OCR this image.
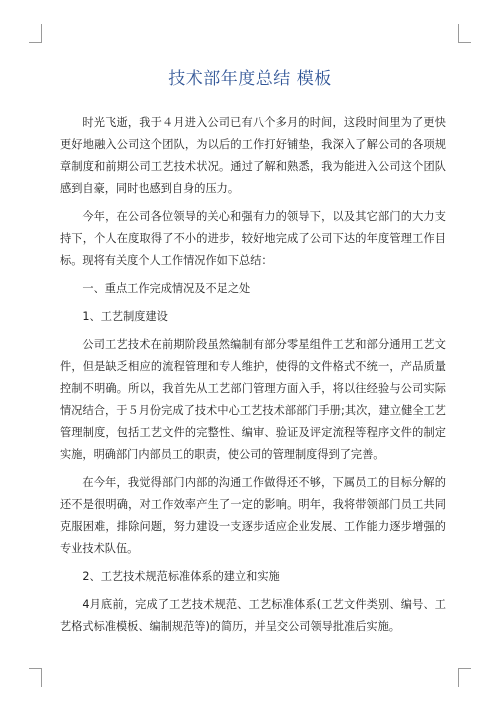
技术部年度总结 模板

时光飞逝，我于４月进入公司已有八个多月的时间，这段时间里为了更快更好地融入公司这个团队，为以后的工作打好铺垫，我深入了解公司的各项规章制度和前期公司工艺技术状况。通过了解和熟悉，我为能进入公司这个团队感到自豪，同时也感到自身的压力。

今年，在公司各位领导的关心和强有力的领导下，以及其它部门的大力支持下，个人在度取得了不小的进步，较好地完成了公司下达的年度管理工作目标。现将有关度个人工作情况作如下总结：

一、重点工作完成情况及不足之处

1、工艺制度建设

公司工艺技术在前期阶段虽然编制有部分零星组件工艺和部分通用工艺文件，但是缺乏相应的流程管理和专人维护，使得的文件格式不统一，产品质量控制不明确。所以，我首先从工艺部门管理方面入手，将以往经验与公司实际情况结合，于５月份完成了技术中心工艺技术部部门手册;其次，建立健全工艺管理制度，包括工艺文件的完整性、编审、验证及评定流程等程序文件的制定实施，明确部门内部员工的职责，使公司的管理制度得到了完善。

在今年，我觉得部门内部的沟通工作做得还不够，下属员工的目标分解的还不是很明确，对工作效率产生了一定的影响。明年，我将带领部门员工共同克服困难，排除问题，努力建设一支逐步适应企业发展、工作能力逐步增强的专业技术队伍。

2、工艺技术规范标准体系的建立和实施

4月底前，完成了工艺技术规范、工艺标准体系(工艺文件类别、编号、工艺格式标准模板、编制规范等)的简历，并呈交公司领导批准后实施。
